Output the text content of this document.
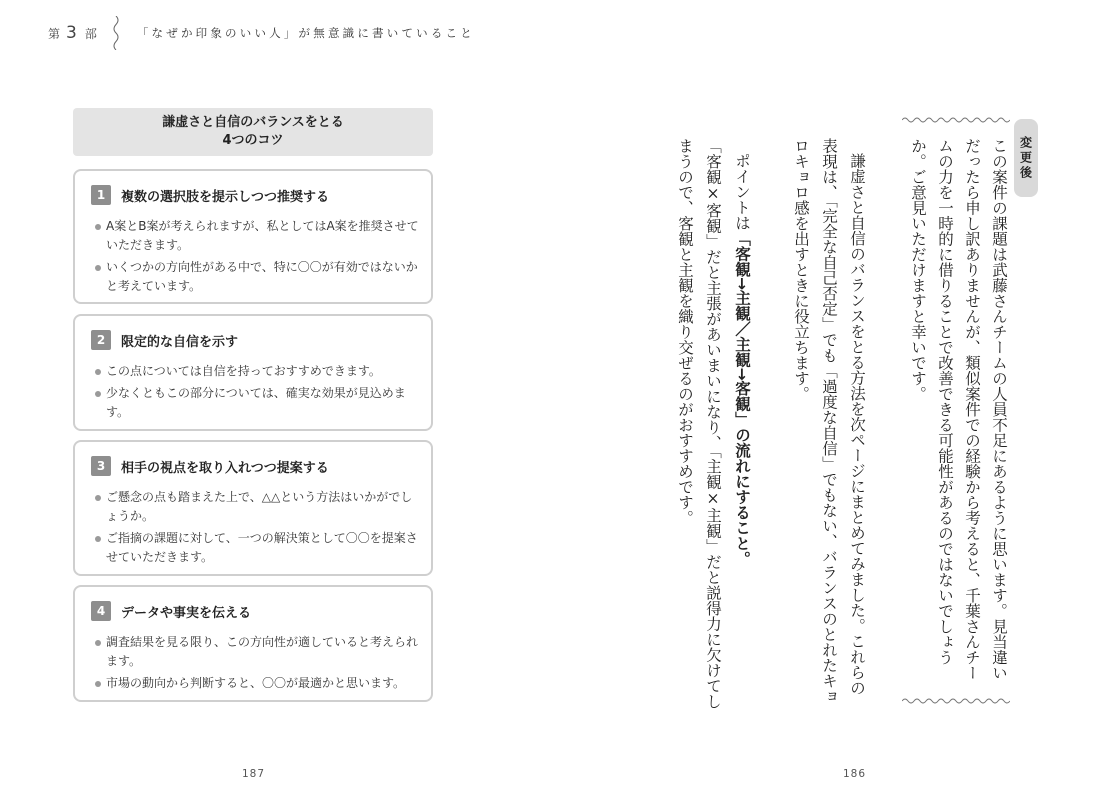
第
3 部	「なぜか印象のいい人」が無意識に書いていること
謙虚さと自信のバランスをとる
4つのコツ
1	複数の選択肢を提示しつつ推奨する
A案とB案が考えられますが、私としてはA案を推奨させていただきます。
いくつかの方向性がある中で、特に〇〇が有効ではないかと考えています。
2	限定的な自信を示す
この点については自信を持っておすすめできます。
少なくともこの部分については、確実な効果が見込めます。
3	相手の視点を取り入れつつ提案する
ご懸念の点も踏まえた上で、△△という方法はいかがでしょうか。
ご指摘の課題に対して、一つの解決策として〇〇を提案させていただきます。
4	データや事実を伝える
調査結果を見る限り、この方向性が適していると考えられます。
市場の動向から判断すると、〇〇が最適かと思います。
187
変更後
この案件の課題は武藤さんチームの人員不足にあるように思います。見当違い
だったら申し訳ありませんが、類似案件での経験から考えると、千葉さんチー
ムの力を一時的に借りることで改善できる可能性があるのではないでしょう
か。ご意見いただけますと幸いです。
謙虚さと自信のバランスをとる方法を次ページにまとめてみました。これらの
表現は、「完全な自己否定」でも「過度な自信」でもない、バランスのとれたキョ
ロキョロ感を出すときに役立ちます。
ポイントは「客観→主観／主観→客観」の流れにすること。
「客観×客観」だと主張があいまいになり、「主観×主観」だと説得力に欠けてし
まうので、客観と主観を織り交ぜるのがおすすめです。
186
